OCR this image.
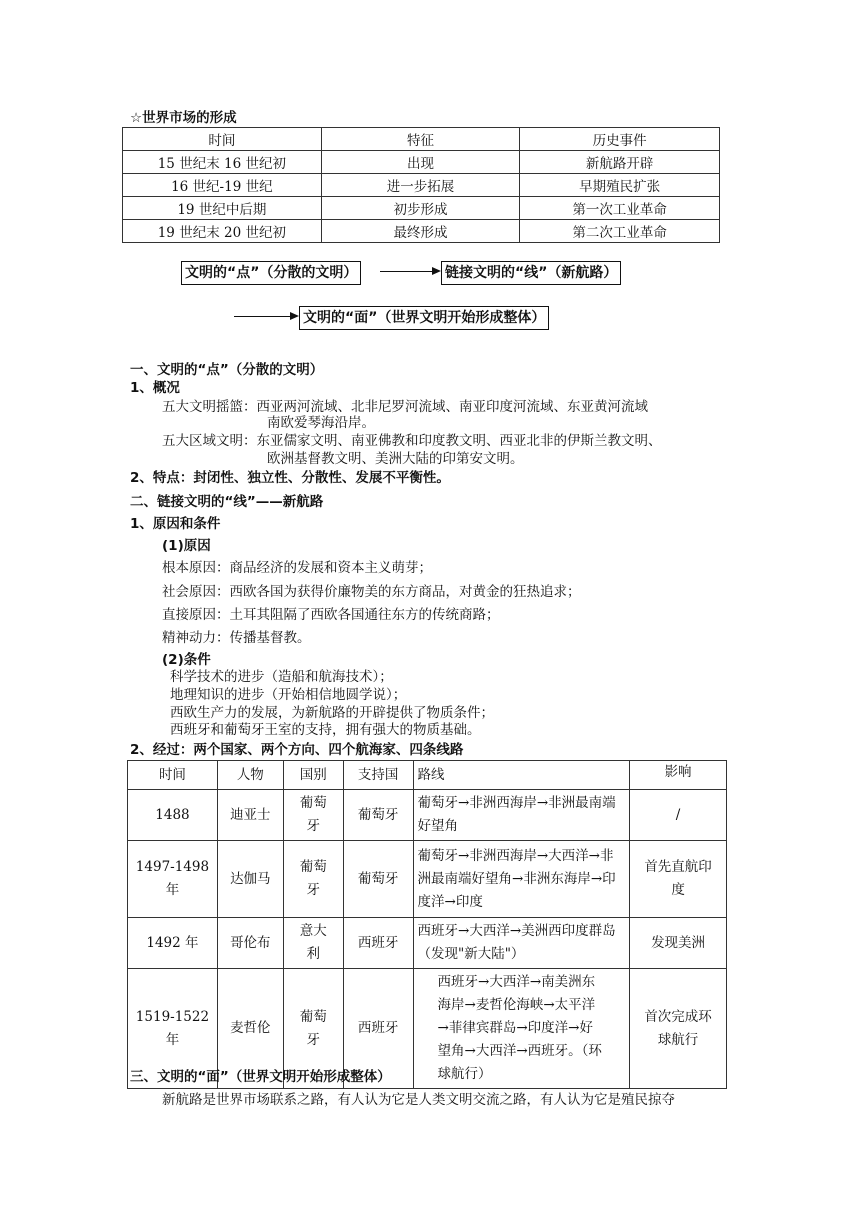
☆世界市场的形成
时间	特征	历史事件
15 世纪末 16 世纪初	出现	新航路开辟
16 世纪-19 世纪	进一步拓展	早期殖民扩张
19 世纪中后期	初步形成	第一次工业革命
19 世纪末 20 世纪初	最终形成	第二次工业革命
文明的“点”（分散的文明）	链接文明的“线”（新航路）
文明的“面”（世界文明开始形成整体）
一、文明的“点”（分散的文明）
1、概况
五大文明摇篮：西亚两河流域、北非尼罗河流域、南亚印度河流域、东亚黄河流域
南欧爱琴海沿岸。
五大区域文明：东亚儒家文明、南亚佛教和印度教文明、西亚北非的伊斯兰教文明、
欧洲基督教文明、美洲大陆的印第安文明。
2、特点：封闭性、独立性、分散性、发展不平衡性。
二、链接文明的“线”——新航路
1、原因和条件
(1)原因
根本原因：商品经济的发展和资本主义萌芽；
社会原因：西欧各国为获得价廉物美的东方商品，对黄金的狂热追求；
直接原因：土耳其阻隔了西欧各国通往东方的传统商路；
精神动力：传播基督教。
(2)条件
科学技术的进步（造船和航海技术）；
地理知识的进步（开始相信地圆学说）；
西欧生产力的发展，为新航路的开辟提供了物质条件；
西班牙和葡萄牙王室的支持，拥有强大的物质基础。
2、经过：两个国家、两个方向、四个航海家、四条线路
时间	人物	国别	支持国	路线	影响
1488	迪亚士	葡萄牙	葡萄牙	葡萄牙→非洲西海岸→非洲最南端好望角	/
1497-1498 年	达伽马	葡萄牙	葡萄牙	葡萄牙→非洲西海岸→大西洋→非洲最南端好望角→非洲东海岸→印度洋→印度	首先直航印度
1492 年	哥伦布	意大利	西班牙	西班牙→大西洋→美洲西印度群岛（发现"新大陆"）	发现美洲
1519-1522 年	麦哲伦	葡萄牙	西班牙	西班牙→大西洋→南美洲东海岸→麦哲伦海峡→太平洋→菲律宾群岛→印度洋→好望角→大西洋→西班牙。（环球航行）	首次完成环球航行
三、文明的“面”（世界文明开始形成整体）
新航路是世界市场联系之路，有人认为它是人类文明交流之路，有人认为它是殖民掠夺
